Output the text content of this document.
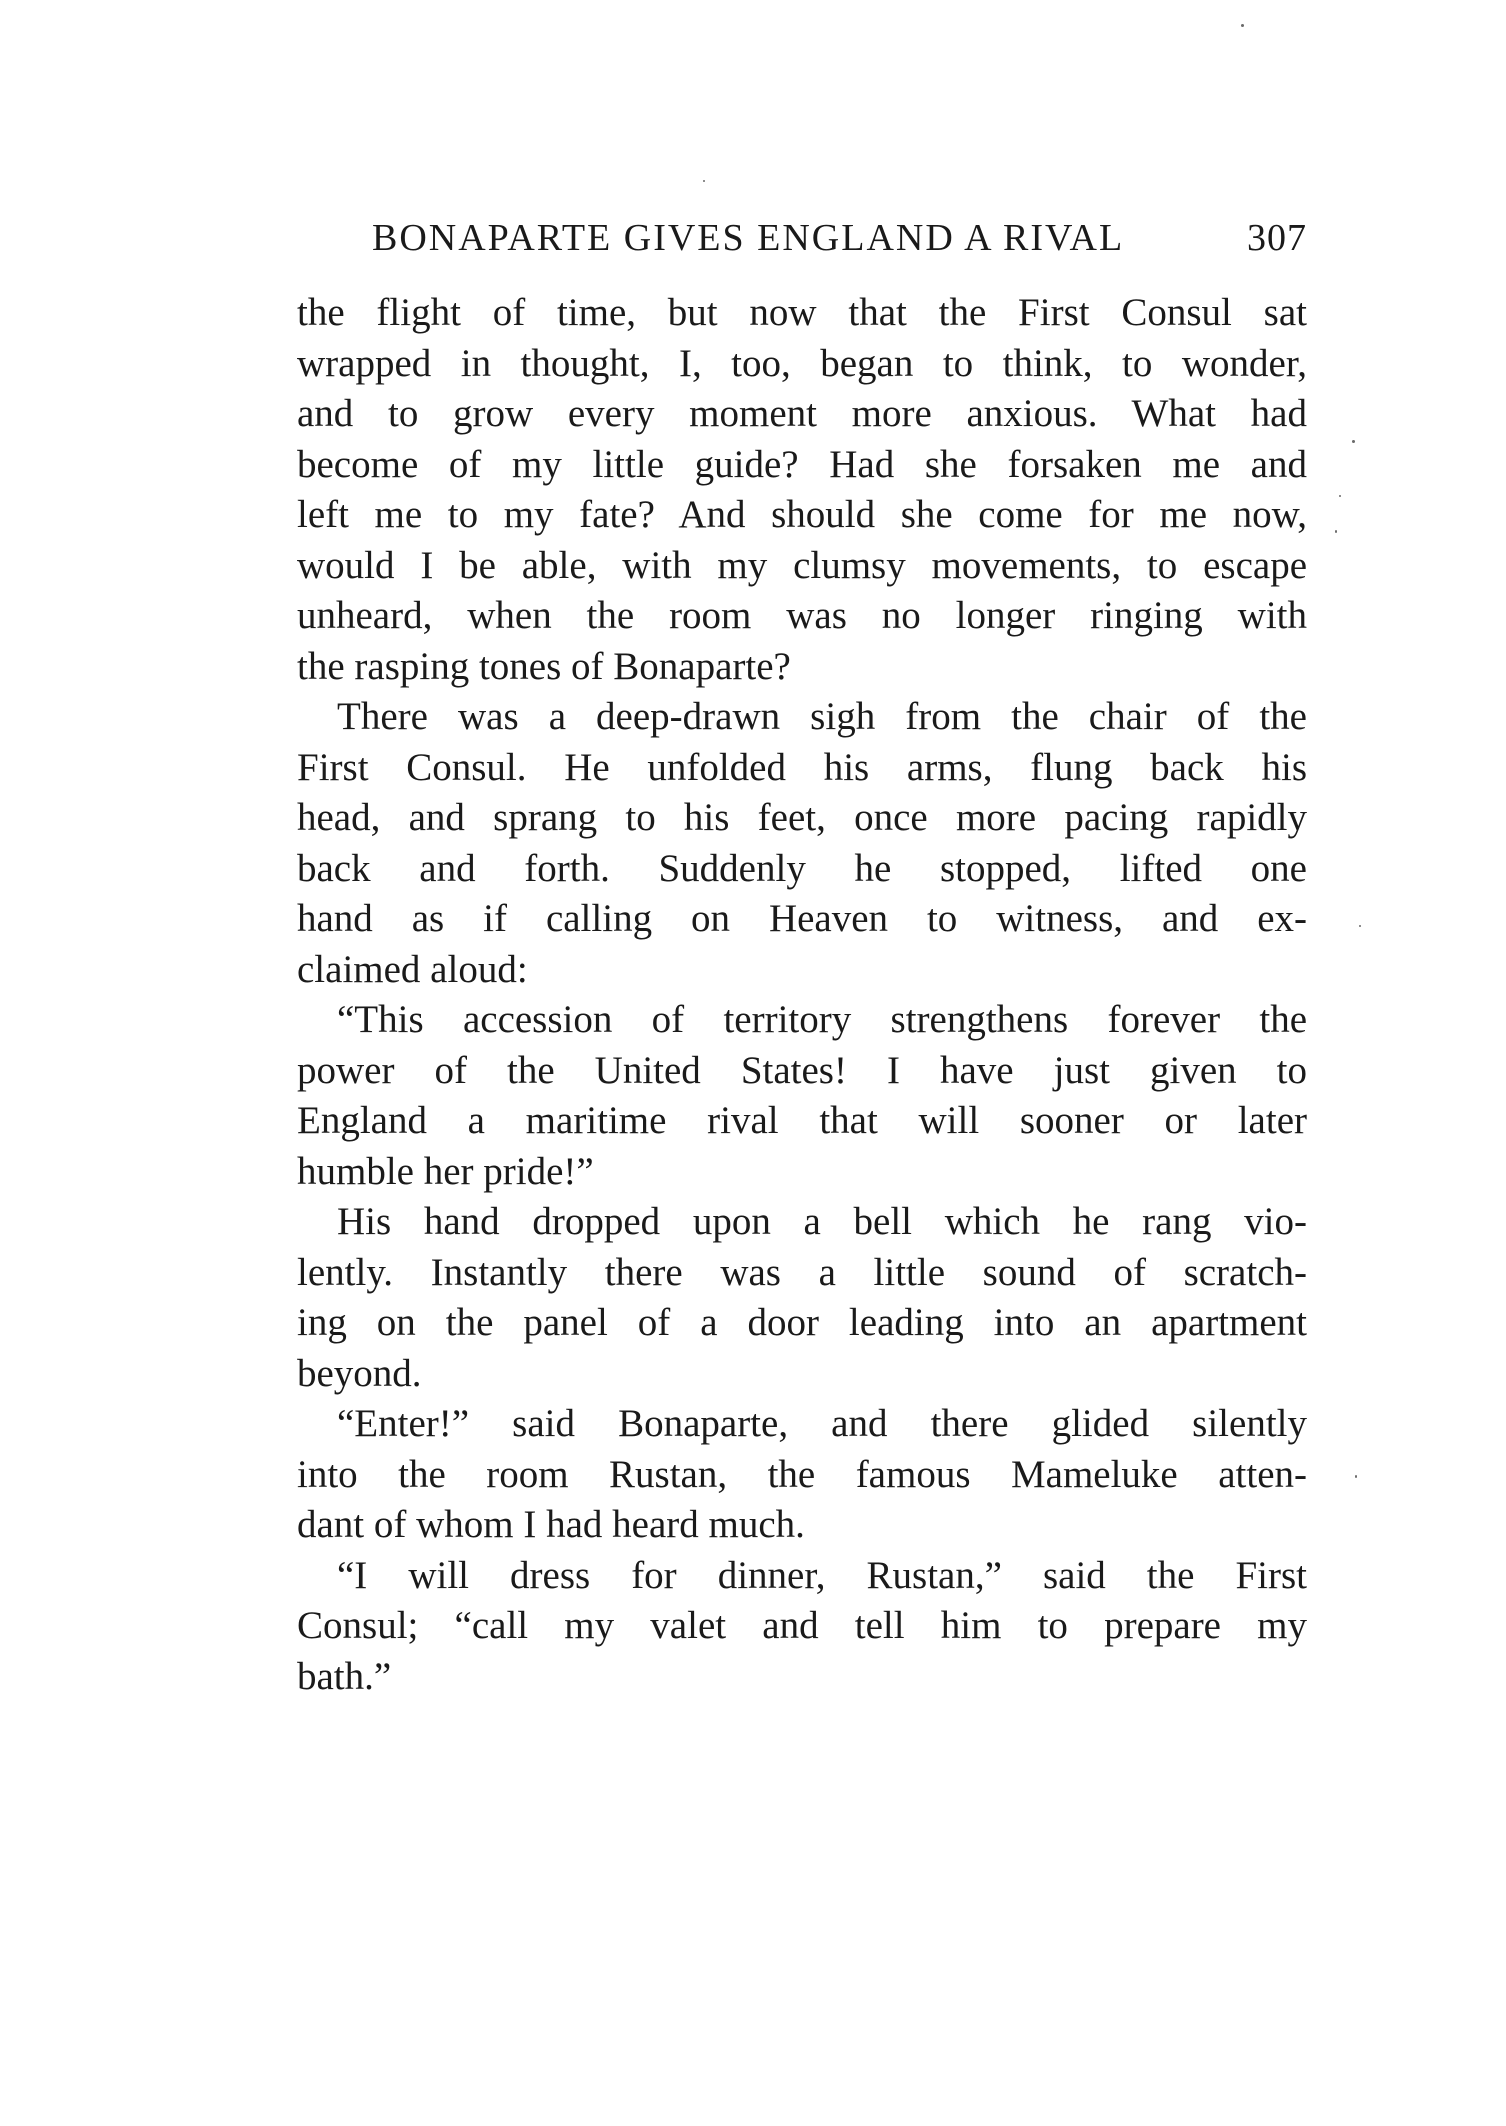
BONAPARTE GIVES ENGLAND A RIVAL	307
the flight of time, but now that the First Consul sat
wrapped in thought, I, too, began to think, to wonder,
and to grow every moment more anxious. What had
become of my little guide? Had she forsaken me and
left me to my fate? And should she come for me now,
would I be able, with my clumsy movements, to escape
unheard, when the room was no longer ringing with
the rasping tones of Bonaparte?
There was a deep-drawn sigh from the chair of the
First Consul. He unfolded his arms, flung back his
head, and sprang to his feet, once more pacing rapidly
back and forth. Suddenly he stopped, lifted one
hand as if calling on Heaven to witness, and ex-
claimed aloud:
“This accession of territory strengthens forever the
power of the United States! I have just given to
England a maritime rival that will sooner or later
humble her pride!”
His hand dropped upon a bell which he rang vio-
lently. Instantly there was a little sound of scratch-
ing on the panel of a door leading into an apartment
beyond.
“Enter!” said Bonaparte, and there glided silently
into the room Rustan, the famous Mameluke atten-
dant of whom I had heard much.
“I will dress for dinner, Rustan,” said the First
Consul; “call my valet and tell him to prepare my
bath.”
